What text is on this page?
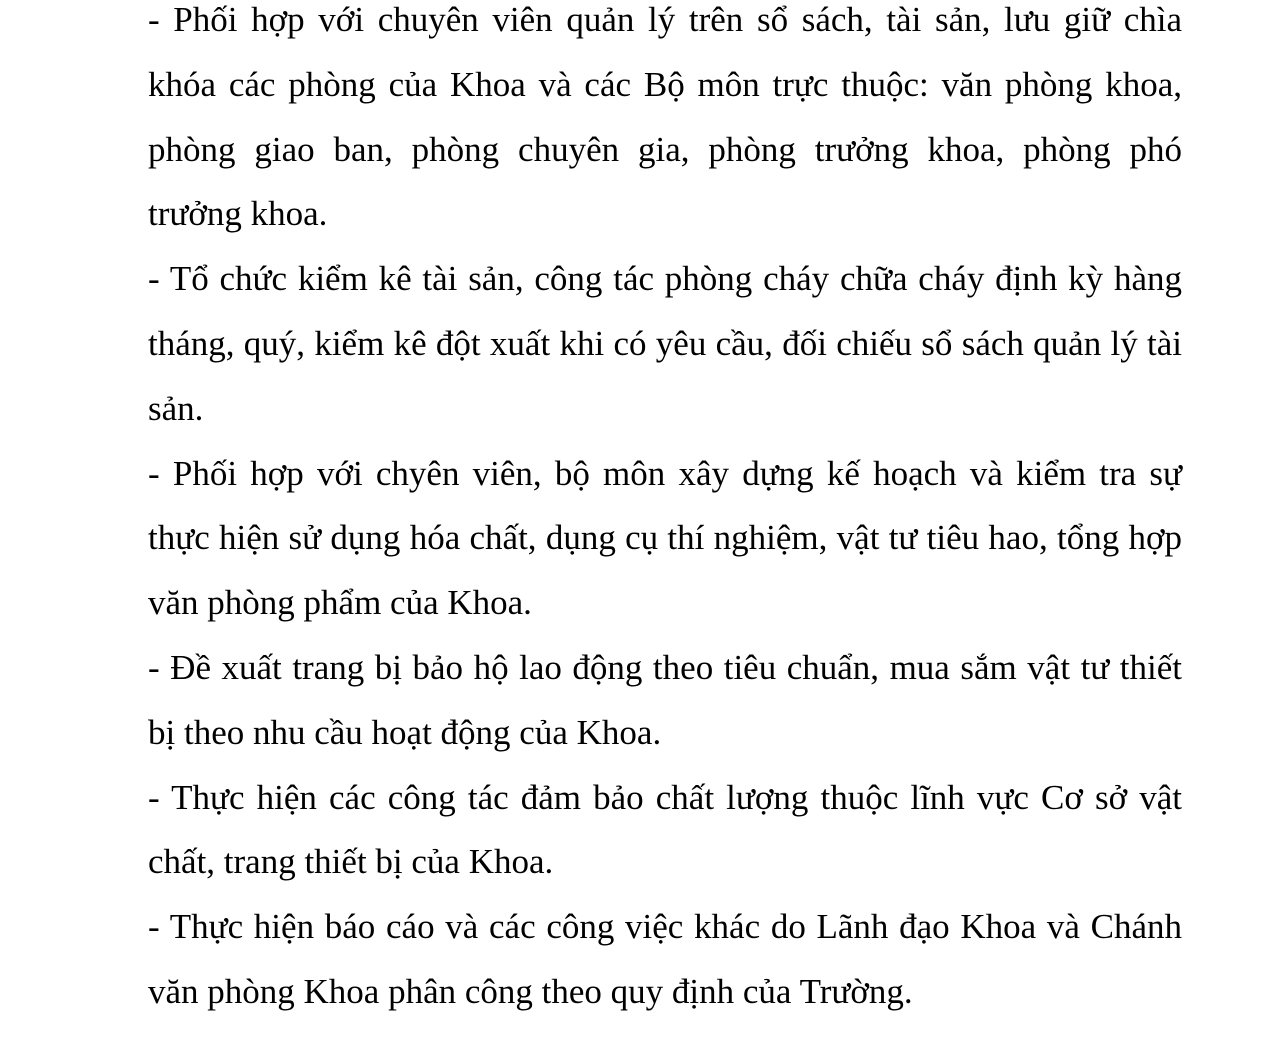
- Phối hợp với chuyên viên quản lý trên sổ sách, tài sản, lưu giữ chìa khóa các phòng của Khoa và các Bộ môn trực thuộc: văn phòng khoa, phòng giao ban, phòng chuyên gia, phòng trưởng khoa, phòng phó trưởng khoa.

- Tổ chức kiểm kê tài sản, công tác phòng cháy chữa cháy định kỳ hàng tháng, quý, kiểm kê đột xuất khi có yêu cầu, đối chiếu sổ sách quản lý tài sản.

- Phối hợp với chyên viên, bộ môn xây dựng kế hoạch và kiểm tra sự thực hiện sử dụng hóa chất, dụng cụ thí nghiệm, vật tư tiêu hao, tổng hợp văn phòng phẩm của Khoa.

- Đề xuất trang bị bảo hộ lao động theo tiêu chuẩn, mua sắm vật tư thiết bị theo nhu cầu hoạt động của Khoa.

- Thực hiện các công tác đảm bảo chất lượng thuộc lĩnh vực Cơ sở vật chất, trang thiết bị của Khoa.

- Thực hiện báo cáo và các công việc khác do Lãnh đạo Khoa và Chánh văn phòng Khoa phân công theo quy định của Trường.
